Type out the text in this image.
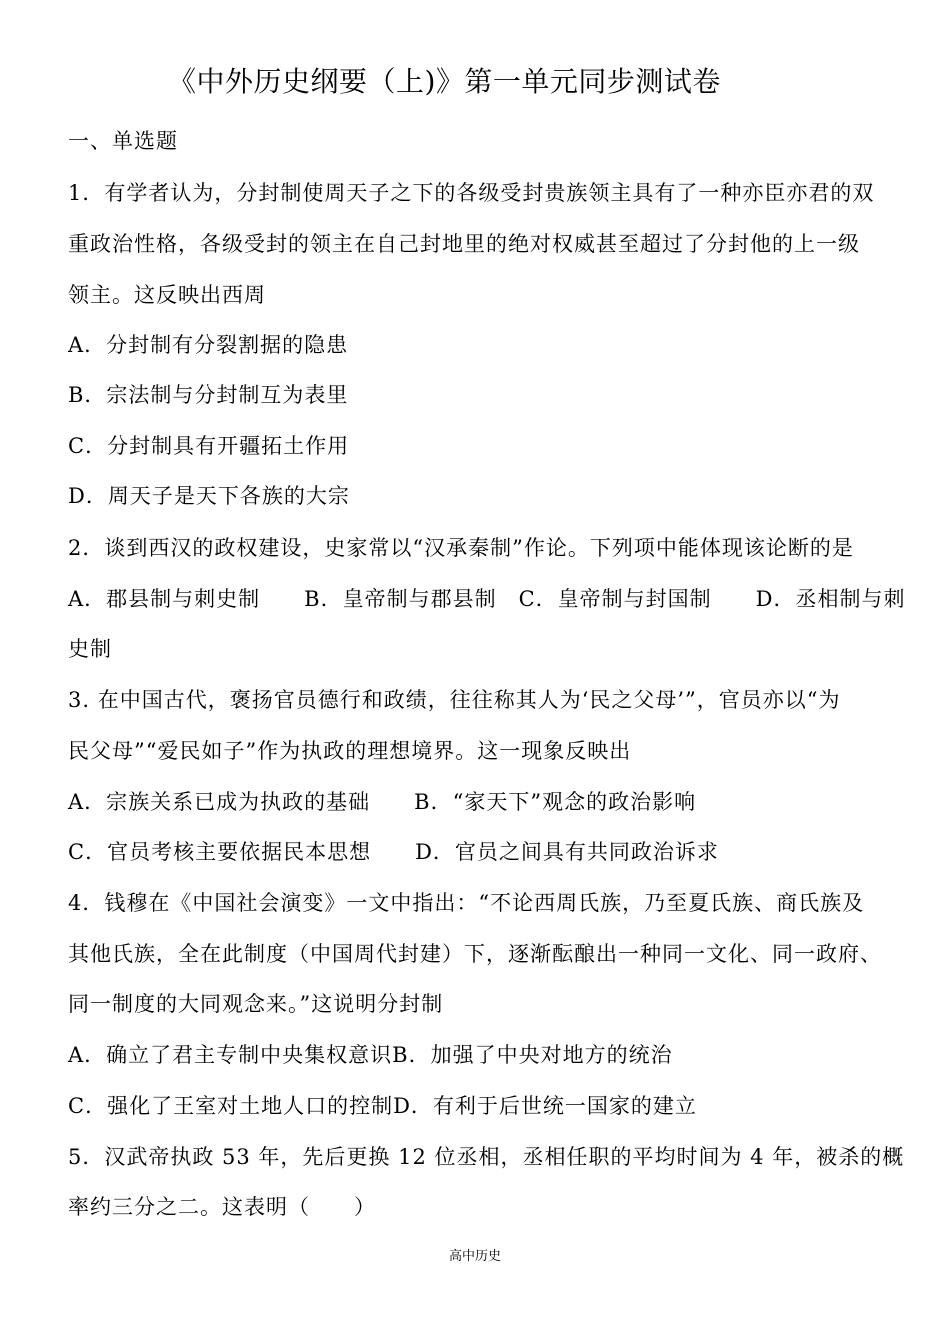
《中外历史纲要（上)》第一单元同步测试卷
一、单选题
1．有学者认为，分封制使周天子之下的各级受封贵族领主具有了一种亦臣亦君的双
重政治性格，各级受封的领主在自己封地里的绝对权威甚至超过了分封他的上一级
领主。这反映出西周
A．分封制有分裂割据的隐患
B．宗法制与分封制互为表里
C．分封制具有开疆拓土作用
D．周天子是天下各族的大宗
2．谈到西汉的政权建设，史家常以“汉承秦制”作论。下列项中能体现该论断的是
A．郡县制与刺史制　　B．皇帝制与郡县制　C．皇帝制与封国制　　D．丞相制与刺
史制
3. 在中国古代，褒扬官员德行和政绩，往往称其人为‘民之父母’”，官员亦以“为
民父母”“爱民如子”作为执政的理想境界。这一现象反映出
A．宗族关系已成为执政的基础　　B．“家天下”观念的政治影响
C．官员考核主要依据民本思想　　D．官员之间具有共同政治诉求
4．钱穆在《中国社会演变》一文中指出：“不论西周氏族，乃至夏氏族、商氏族及
其他氏族，全在此制度（中国周代封建）下，逐渐酝酿出一种同一文化、同一政府、
同一制度的大同观念来。”这说明分封制
A．确立了君主专制中央集权意识B．加强了中央对地方的统治
C．强化了王室对土地人口的控制D．有利于后世统一国家的建立
5．汉武帝执政 53 年，先后更换 12 位丞相，丞相任职的平均时间为 4 年，被杀的概
率约三分之二。这表明（　　）
高中历史
